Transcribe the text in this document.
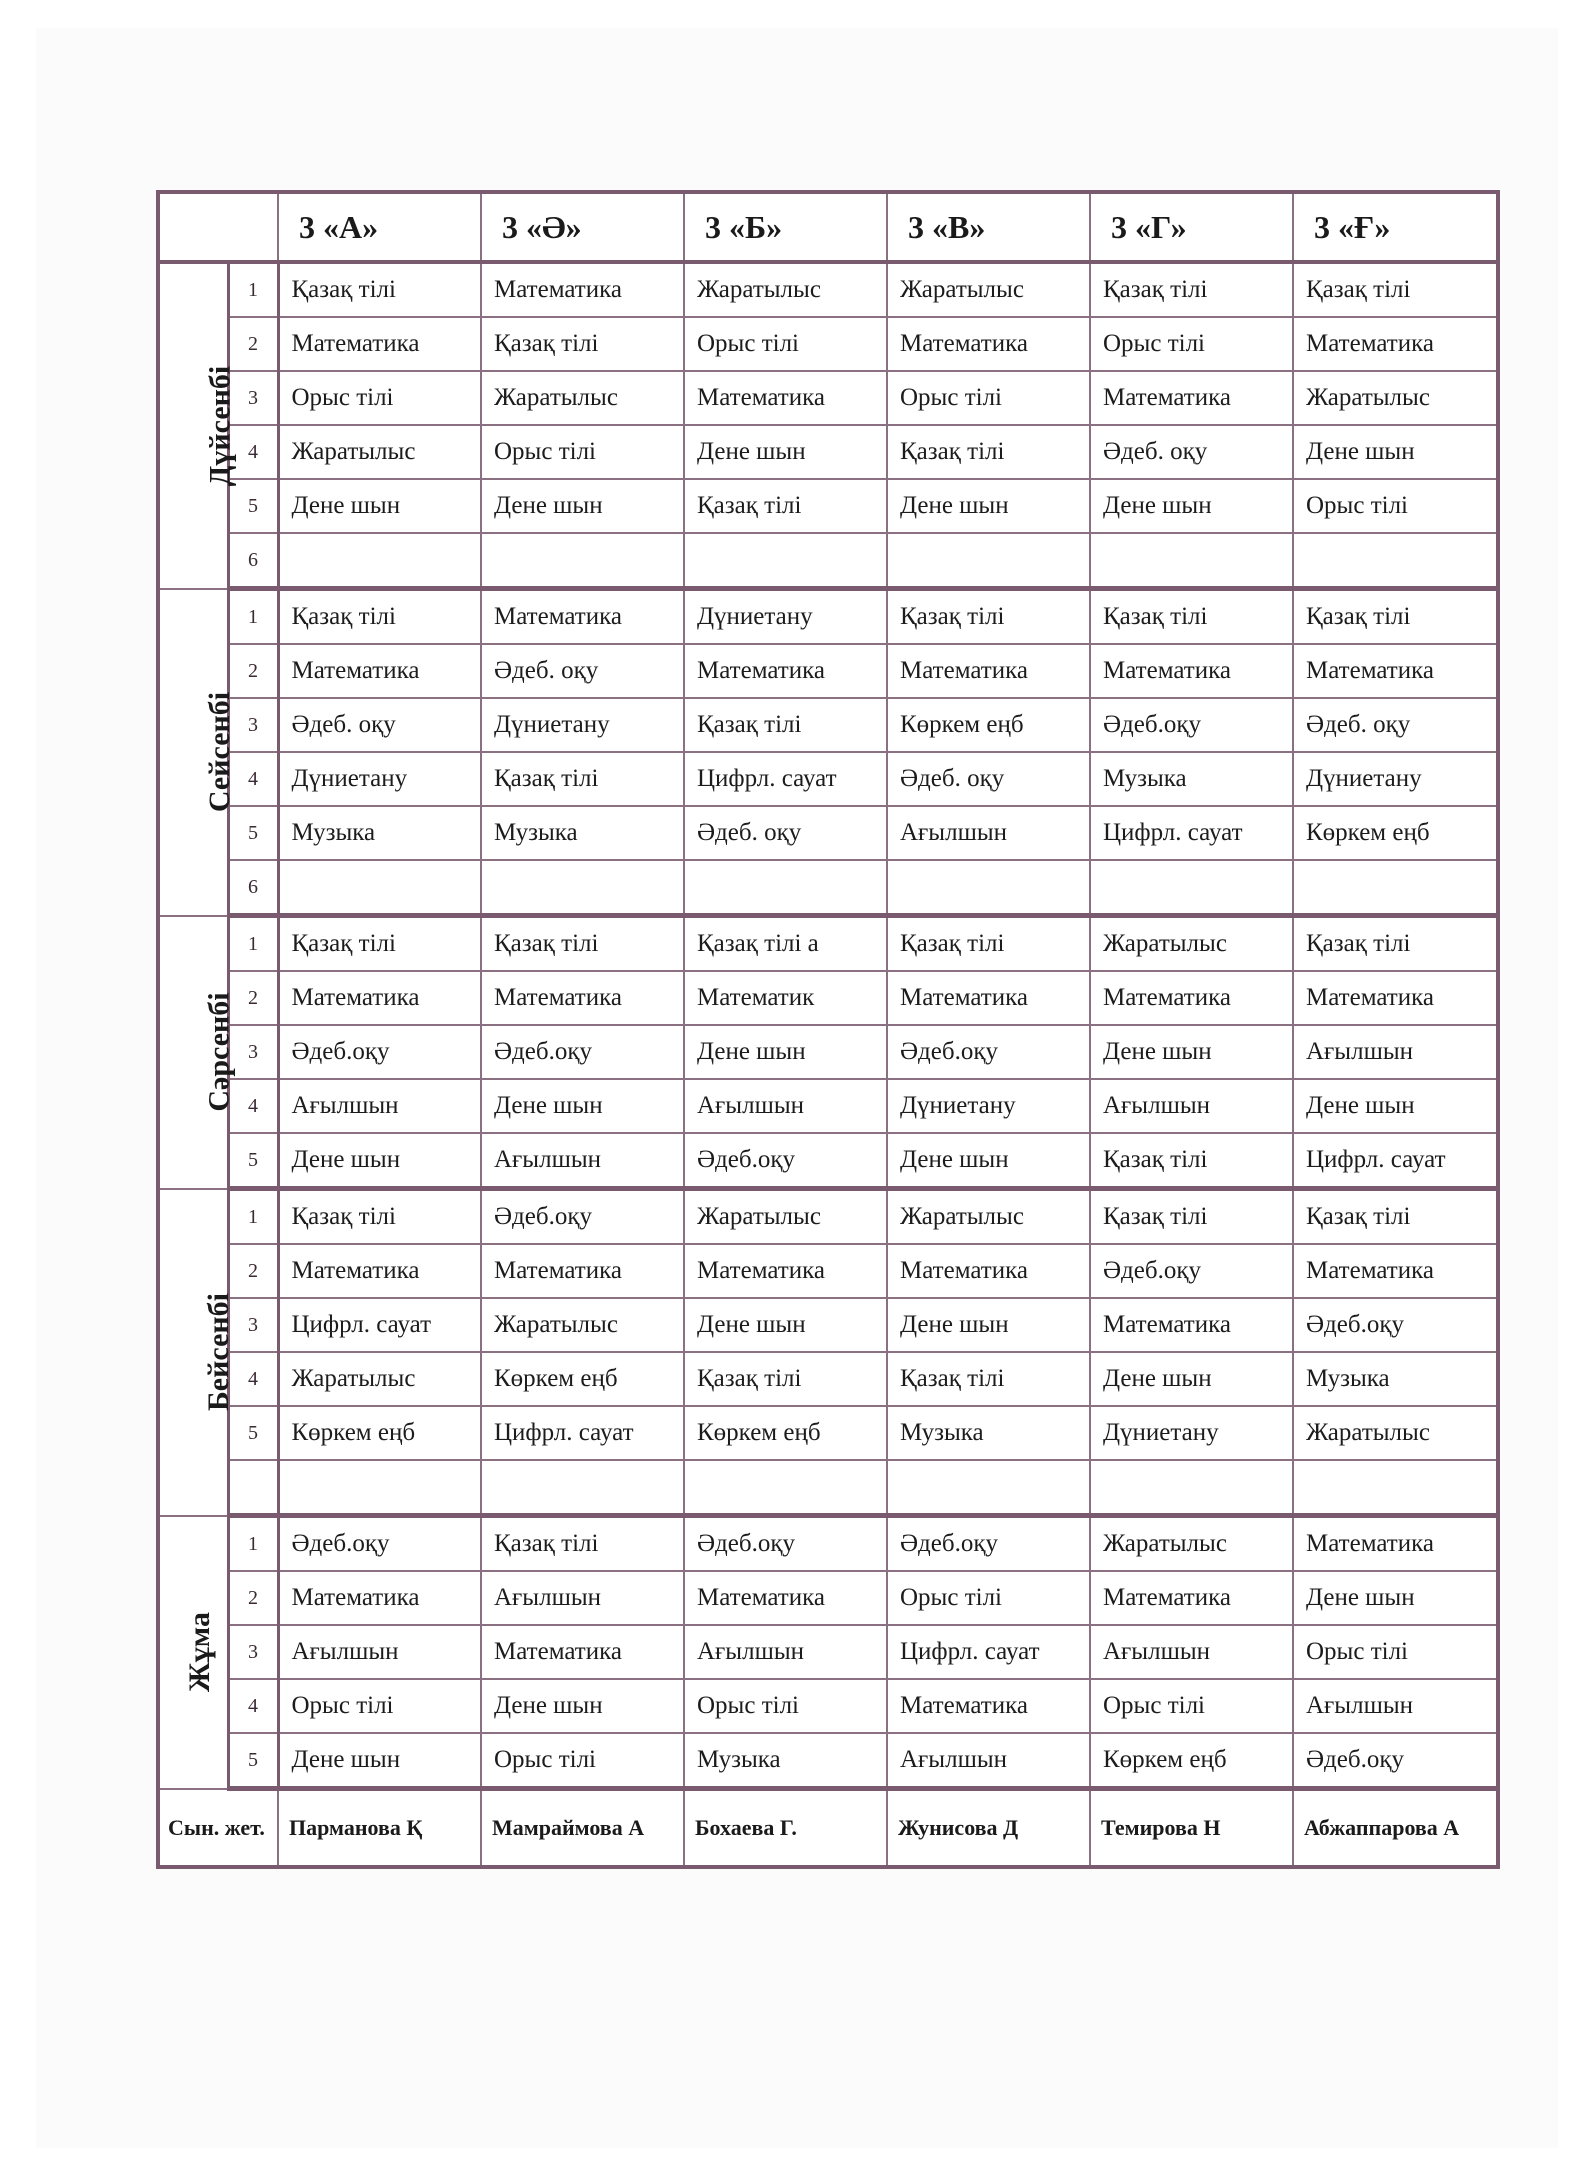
		3 «А»	3 «Ә»	3 «Б»	3 «В»	3 «Г»	3 «Ғ»
Дүйсенбі	1	Қазақ тілі	Математика	Жаратылыс	Жаратылыс	Қазақ тілі	Қазақ тілі
	2	Математика	Қазақ тілі	Орыс тілі	Математика	Орыс тілі	Математика
	3	Орыс тілі	Жаратылыс	Математика	Орыс тілі	Математика	Жаратылыс
	4	Жаратылыс	Орыс тілі	Дене шын	Қазақ тілі	Әдеб. оқу	Дене шын
	5	Дене шын	Дене шын	Қазақ тілі	Дене шын	Дене шын	Орыс тілі
	6						
Сейсенбі	1	Қазақ тілі	Математика	Дүниетану	Қазақ тілі	Қазақ тілі	Қазақ тілі
	2	Математика	Әдеб. оқу	Математика	Математика	Математика	Математика
	3	Әдеб. оқу	Дүниетану	Қазақ тілі	Көркем еңб	Әдеб.оқу	Әдеб. оқу
	4	Дүниетану	Қазақ тілі	Цифрл. сауат	Әдеб. оқу	Музыка	Дүниетану
	5	Музыка	Музыка	Әдеб. оқу	Ағылшын	Цифрл. сауат	Көркем еңб
	6						
Сәрсенбі	1	Қазақ тілі	Қазақ тілі	Қазақ тілі а	Қазақ тілі	Жаратылыс	Қазақ тілі
	2	Математика	Математика	Математик	Математика	Математика	Математика
	3	Әдеб.оқу	Әдеб.оқу	Дене шын	Әдеб.оқу	Дене шын	Ағылшын
	4	Ағылшын	Дене шын	Ағылшын	Дүниетану	Ағылшын	Дене шын
	5	Дене шын	Ағылшын	Әдеб.оқу	Дене шын	Қазақ тілі	Цифрл. сауат
Бейсенбі	1	Қазақ тілі	Әдеб.оқу	Жаратылыс	Жаратылыс	Қазақ тілі	Қазақ тілі
	2	Математика	Математика	Математика	Математика	Әдеб.оқу	Математика
	3	Цифрл. сауат	Жаратылыс	Дене шын	Дене шын	Математика	Әдеб.оқу
	4	Жаратылыс	Көркем еңб	Қазақ тілі	Қазақ тілі	Дене шын	Музыка
	5	Көркем еңб	Цифрл. сауат	Көркем еңб	Музыка	Дүниетану	Жаратылыс

Жұма	1	Әдеб.оқу	Қазақ тілі	Әдеб.оқу	Әдеб.оқу	Жаратылыс	Математика
	2	Математика	Ағылшын	Математика	Орыс тілі	Математика	Дене шын
	3	Ағылшын	Математика	Ағылшын	Цифрл. сауат	Ағылшын	Орыс тілі
	4	Орыс тілі	Дене шын	Орыс тілі	Математика	Орыс тілі	Ағылшын
	5	Дене шын	Орыс тілі	Музыка	Ағылшын	Көркем еңб	Әдеб.оқу
Сын. жет.		Парманова Қ	Мамраймова А	Бохаева Г.	Жунисова Д	Темирова Н	Абжаппарова А
